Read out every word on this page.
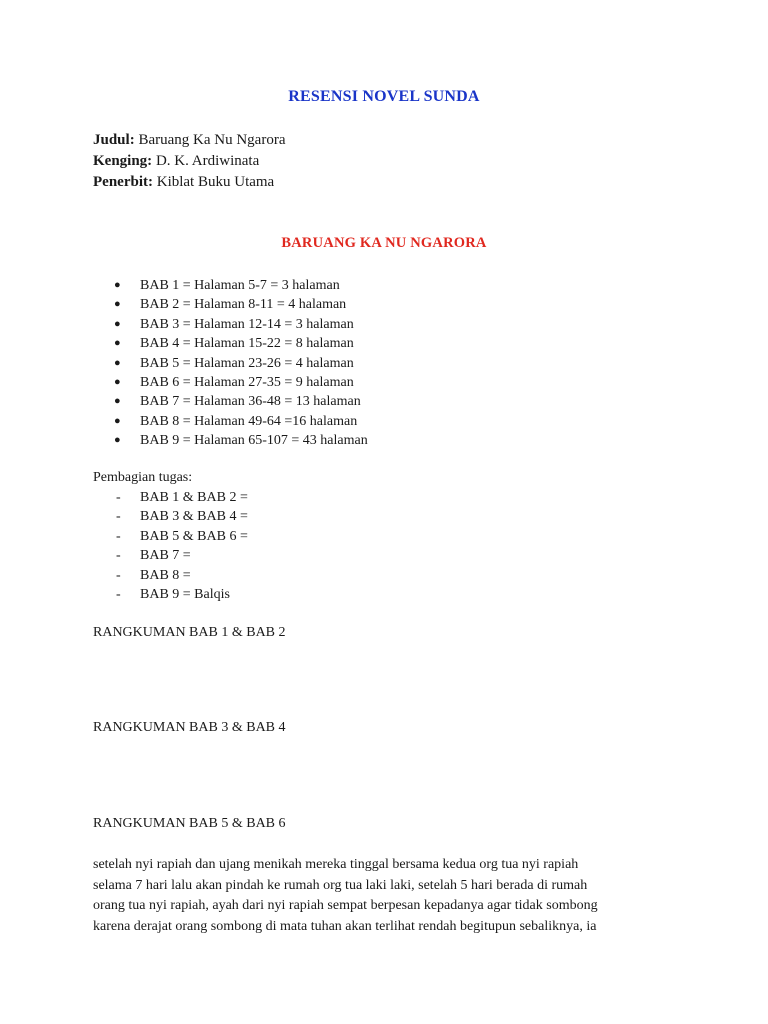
RESENSI NOVEL SUNDA
Judul: Baruang Ka Nu Ngarora
Kenging: D. K. Ardiwinata
Penerbit: Kiblat Buku Utama
BARUANG KA NU NGARORA
●	BAB 1 = Halaman 5-7 = 3 halaman
●	BAB 2 = Halaman 8-11 = 4 halaman
●	BAB 3 = Halaman 12-14 = 3 halaman
●	BAB 4 = Halaman 15-22 = 8 halaman
●	BAB 5 = Halaman 23-26 = 4 halaman
●	BAB 6 = Halaman 27-35 = 9 halaman
●	BAB 7 = Halaman 36-48 = 13 halaman
●	BAB 8 = Halaman 49-64 =16 halaman
●	BAB 9 = Halaman 65-107 = 43 halaman
Pembagian tugas:
-	BAB 1 & BAB 2 =
-	BAB 3 & BAB 4 =
-	BAB 5 & BAB 6 =
-	BAB 7 =
-	BAB 8 =
-	BAB 9 = Balqis
RANGKUMAN BAB 1 & BAB 2
RANGKUMAN BAB 3 & BAB 4
RANGKUMAN BAB 5 & BAB 6
setelah nyi rapiah dan ujang menikah mereka tinggal bersama kedua org tua nyi rapiah
selama 7 hari lalu akan pindah ke rumah org tua laki laki, setelah 5 hari berada di rumah
orang tua nyi rapiah, ayah dari nyi rapiah sempat berpesan kepadanya agar tidak sombong
karena derajat orang sombong di mata tuhan akan terlihat rendah begitupun sebaliknya, ia
